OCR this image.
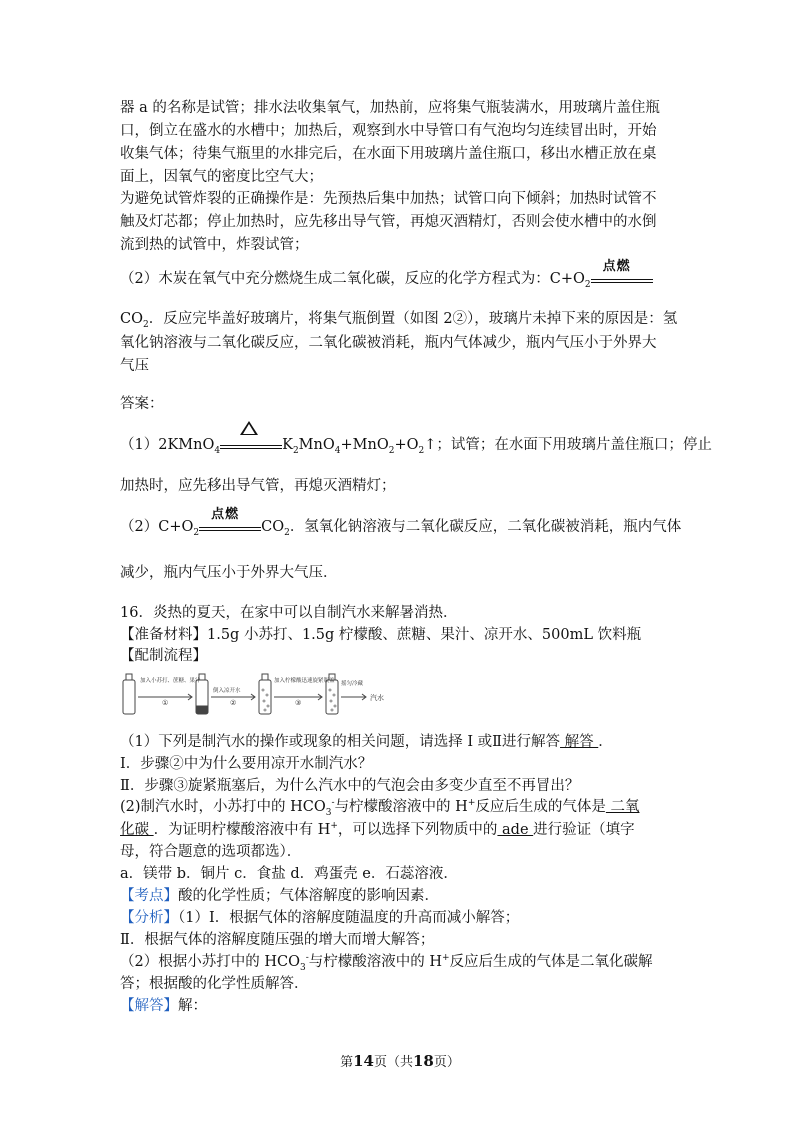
器 a 的名称是试管；排水法收集氧气，加热前，应将集气瓶装满水，用玻璃片盖住瓶
口，倒立在盛水的水槽中；加热后，观察到水中导管口有气泡均匀连续冒出时，开始
收集气体；待集气瓶里的水排完后，在水面下用玻璃片盖住瓶口，移出水槽正放在桌
面上，因氧气的密度比空气大；
为避免试管炸裂的正确操作是：先预热后集中加热；试管口向下倾斜；加热时试管不
触及灯芯都；停止加热时，应先移出导气管，再熄灭酒精灯，否则会使水槽中的水倒
流到热的试管中，炸裂试管；
（2）木炭在氧气中充分燃烧生成二氧化碳，反应的化学方程式为：$C+O_2$
点燃
$CO_2$．反应完毕盖好玻璃片，将集气瓶倒置（如图 2②），玻璃片未掉下来的原因是：氢
氧化钠溶液与二氧化碳反应，二氧化碳被消耗，瓶内气体减少，瓶内气压小于外界大
气压
答案：
（1）2KMnO$_4$	$K_2MnO_4+MnO_2+O_2↑$；试管；在水面下用玻璃片盖住瓶口；停止
加热时，应先移出导气管，再熄灭酒精灯；
$(2)C+O_2$
点燃
$CO_2$．氢氧化钠溶液与二氧化碳反应，二氧化碳被消耗，瓶内气体
减少，瓶内气压小于外界大气压．
16．炎热的夏天，在家中可以自制汽水来解暑消热．
【准备材料】1.5g 小苏打、1.5g 柠檬酸、蔗糖、果汁、凉开水、500mL 饮料瓶
【配制流程】
加入小苏打、蔗糖、果汁
①
倒入凉开水
②
加入柠檬酸迅速旋紧瓶盖
③
摇匀冷藏
汽水
（1）下列是制汽水的操作或现象的相关问题，请选择 I 或Ⅱ进行解答 解答 ．
Ⅰ．步骤②中为什么要用凉开水制汽水？
Ⅱ．步骤③旋紧瓶塞后，为什么汽水中的气泡会由多变少直至不再冒出？
(2)制汽水时，小苏打中的 $HCO_3^-$与柠檬酸溶液中的 H+反应后生成的气体是 二氧
化碳 ．为证明柠檬酸溶液中有 H+，可以选择下列物质中的 ade 进行验证（填字
母，符合题意的选项都选）．
a．镁带 b．铜片 c．食盐 d．鸡蛋壳 e．石蕊溶液．
【考点】酸的化学性质；气体溶解度的影响因素．
【分析】（1）Ⅰ．根据气体的溶解度随温度的升高而减小解答；
Ⅱ．根据气体的溶解度随压强的增大而增大解答；
（2）根据小苏打中的 $HCO_3^-$与柠檬酸溶液中的 H+反应后生成的气体是二氧化碳解
答；根据酸的化学性质解答．
【解答】解：
第14页（共18页）
